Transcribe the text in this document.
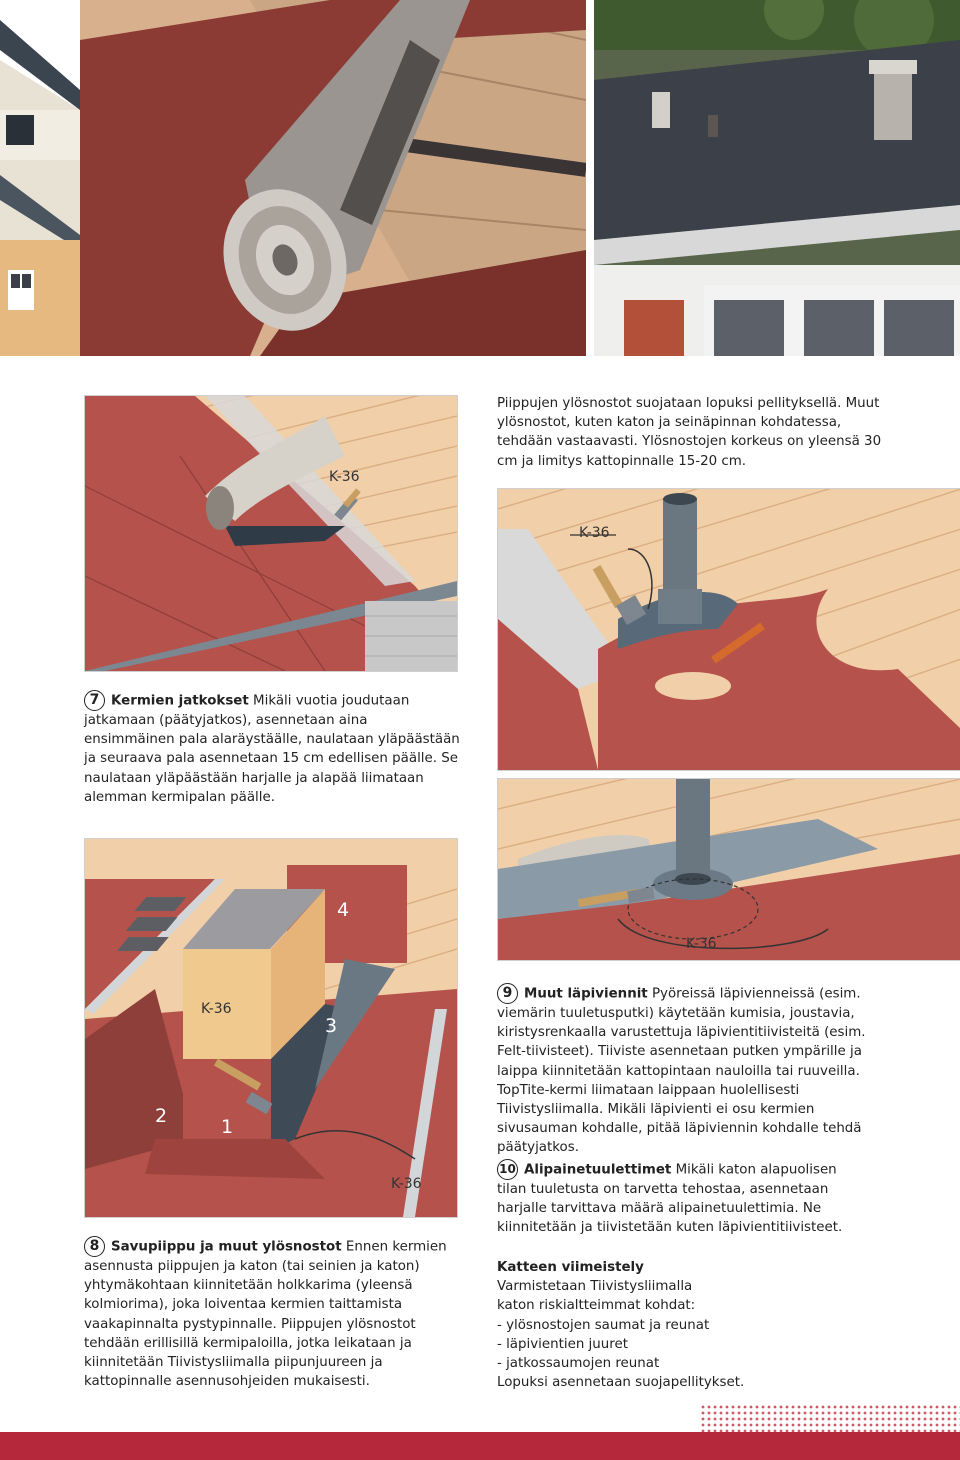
Piippujen ylösnostot suojataan lopuksi pellityksellä. Muut ylösnostot, kuten katon ja seinäpinnan kohdatessa, tehdään vastaavasti. Ylösnostojen korkeus on yleensä 30 cm ja limitys kattopinnalle 15-20 cm.
K-36
K-36
7 Kermien jatkokset Mikäli vuotia joudutaan jatkamaan (päätyjatkos), asennetaan aina ensimmäinen pala alaräystäälle, naulataan yläpäästään ja seuraava pala asennetaan 15 cm edellisen päälle. Se naulataan yläpäästään harjalle ja alapää liimataan alemman kermipalan päälle.
K-36
4
3
2	1
K-36
K-36
9 Muut läpiviennit Pyöreissä läpivienneissä (esim. viemärin tuuletusputki) käytetään kumisia, joustavia, kiristysrenkaalla varustettuja läpivientitiivisteitä (esim. Felt-tiivisteet). Tiiviste asennetaan putken ympärille ja laippa kiinnitetään kattopintaan nauloilla tai ruuveilla. TopTite-kermi liimataan laippaan huolellisesti Tiivistysliimalla. Mikäli läpivienti ei osu kermien sivusauman kohdalle, pitää läpiviennin kohdalle tehdä päätyjatkos.
10 Alipainetuulettimet Mikäli katon alapuolisen tilan tuuletusta on tarvetta tehostaa, asennetaan harjalle tarvittava määrä alipainetuulettimia. Ne kiinnitetään ja tiivistetään kuten läpivientitiivisteet.
Katteen viimeistely
Varmistetaan Tiivistysliimalla
katon riskialtteimmat kohdat:
- ylösnostojen saumat ja reunat
- läpivientien juuret
- jatkossaumojen reunat
Lopuksi asennetaan suojapellitykset.
8 Savupiippu ja muut ylösnostot Ennen kermien asennusta piippujen ja katon (tai seinien ja katon) yhtymäkohtaan kiinnitetään holkkarima (yleensä kolmiorima), joka loiventaa kermien taittamista vaakapinnalta pystypinnalle. Piippujen ylösnostot tehdään erillisillä kermipaloilla, jotka leikataan ja kiinnitetään Tiivistysliimalla piipunjuureen ja kattopinnalle asennusohjeiden mukaisesti.
